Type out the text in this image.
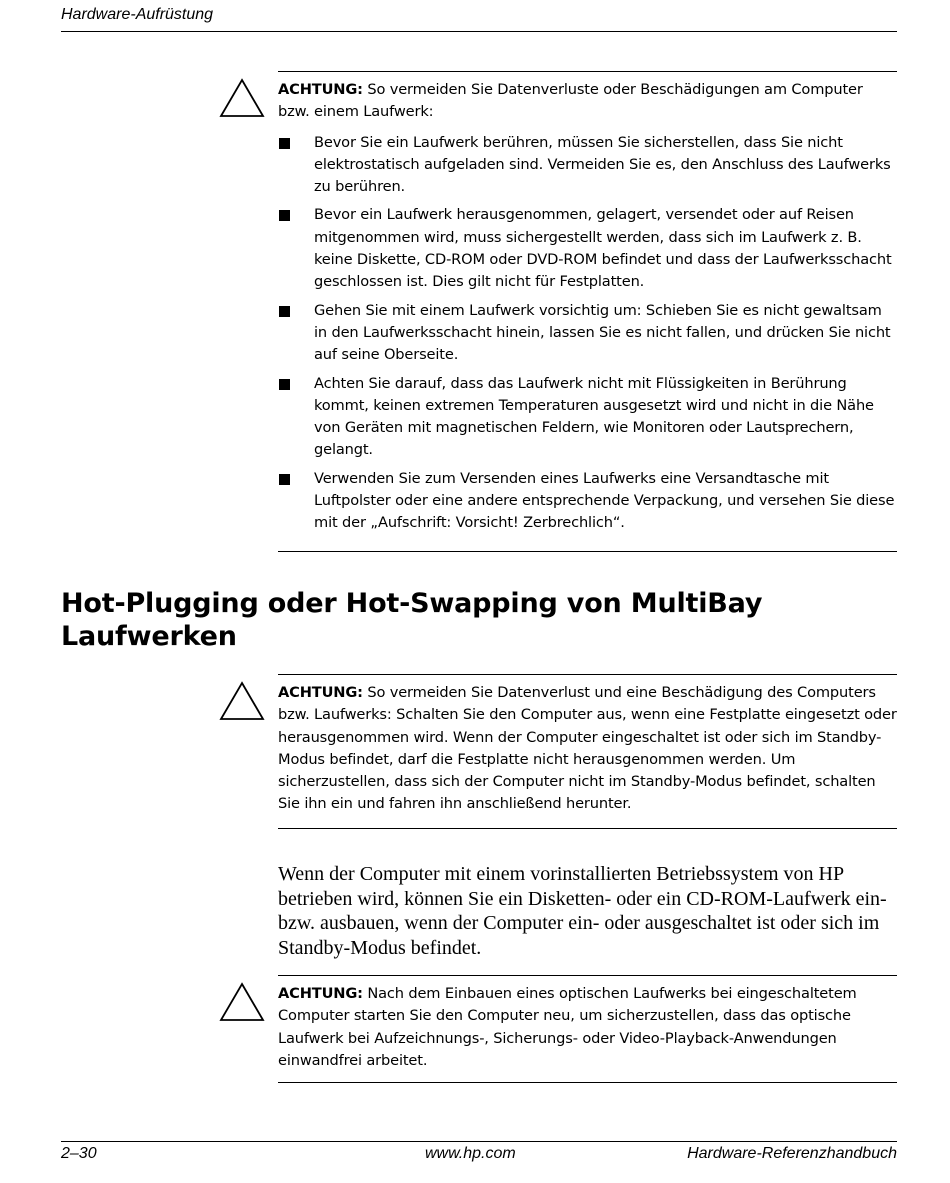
Hardware-Aufrüstung
ACHTUNG: So vermeiden Sie Datenverluste oder Beschädigungen am Computer bzw. einem Laufwerk:
Bevor Sie ein Laufwerk berühren, müssen Sie sicherstellen, dass Sie nicht elektrostatisch aufgeladen sind. Vermeiden Sie es, den Anschluss des Laufwerks zu berühren.
Bevor ein Laufwerk herausgenommen, gelagert, versendet oder auf Reisen mitgenommen wird, muss sichergestellt werden, dass sich im Laufwerk z. B. keine Diskette, CD-ROM oder DVD-ROM befindet und dass der Laufwerksschacht geschlossen ist. Dies gilt nicht für Festplatten.
Gehen Sie mit einem Laufwerk vorsichtig um: Schieben Sie es nicht gewaltsam in den Laufwerksschacht hinein, lassen Sie es nicht fallen, und drücken Sie nicht auf seine Oberseite.
Achten Sie darauf, dass das Laufwerk nicht mit Flüssigkeiten in Berührung kommt, keinen extremen Temperaturen ausgesetzt wird und nicht in die Nähe von Geräten mit magnetischen Feldern, wie Monitoren oder Lautsprechern, gelangt.
Verwenden Sie zum Versenden eines Laufwerks eine Versandtasche mit Luftpolster oder eine andere entsprechende Verpackung, und versehen Sie diese mit der „Aufschrift: Vorsicht! Zerbrechlich“.
Hot-Plugging oder Hot-Swapping von MultiBay Laufwerken
ACHTUNG: So vermeiden Sie Datenverlust und eine Beschädigung des Computers bzw. Laufwerks: Schalten Sie den Computer aus, wenn eine Festplatte eingesetzt oder herausgenommen wird. Wenn der Computer eingeschaltet ist oder sich im Standby-Modus befindet, darf die Festplatte nicht herausgenommen werden. Um sicherzustellen, dass sich der Computer nicht im Standby-Modus befindet, schalten Sie ihn ein und fahren ihn anschließend herunter.
Wenn der Computer mit einem vorinstallierten Betriebssystem von HP betrieben wird, können Sie ein Disketten- oder ein CD-ROM-Laufwerk ein- bzw. ausbauen, wenn der Computer ein- oder ausgeschaltet ist oder sich im Standby-Modus befindet.
ACHTUNG: Nach dem Einbauen eines optischen Laufwerks bei eingeschaltetem Computer starten Sie den Computer neu, um sicherzustellen, dass das optische Laufwerk bei Aufzeichnungs-, Sicherungs- oder Video-Playback-Anwendungen einwandfrei arbeitet.
2–30	www.hp.com	Hardware-Referenzhandbuch
